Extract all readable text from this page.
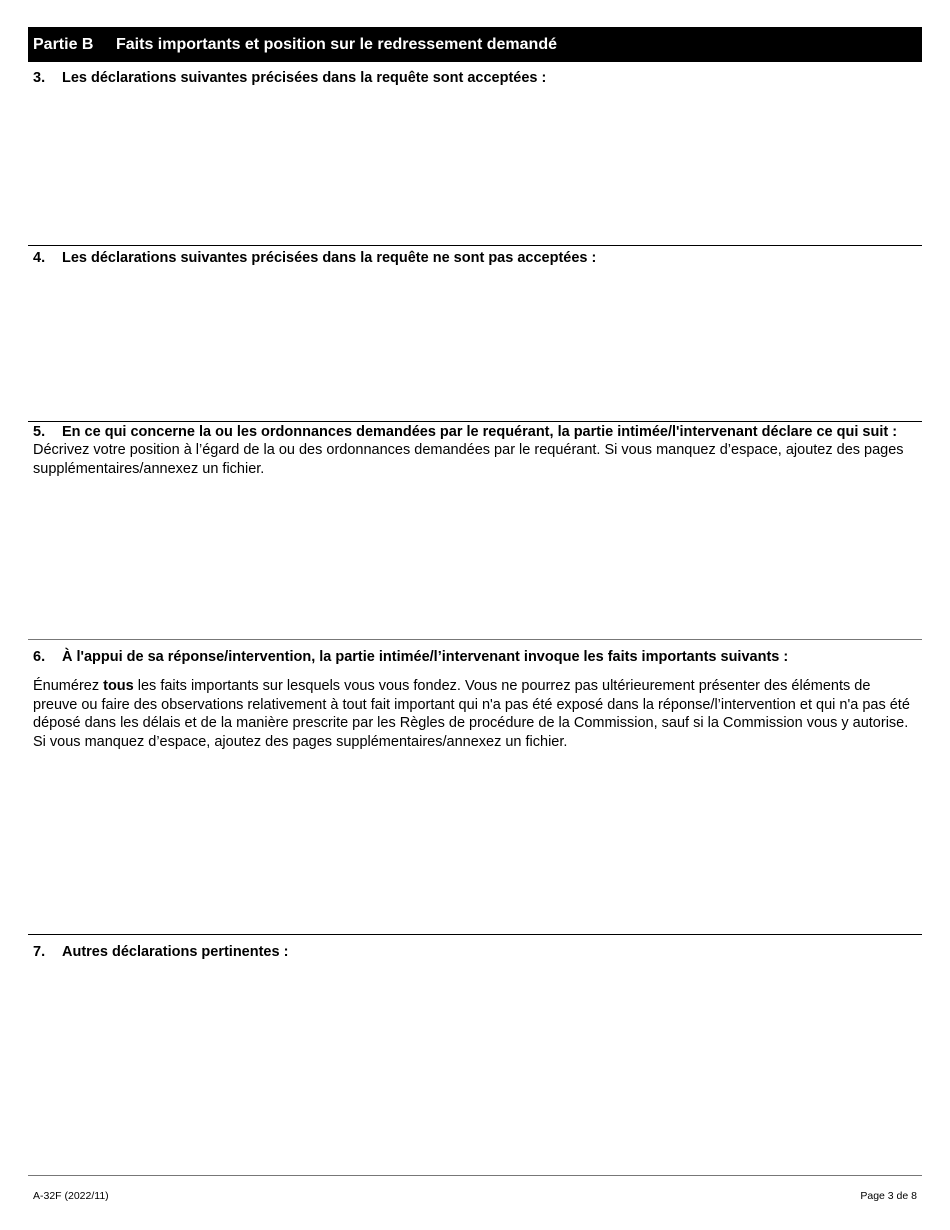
Partie B Faits importants et position sur le redressement demandé
3. Les déclarations suivantes précisées dans la requête sont acceptées :
4. Les déclarations suivantes précisées dans la requête ne sont pas acceptées :
5. En ce qui concerne la ou les ordonnances demandées par le requérant, la partie intimée/l'intervenant déclare ce qui suit :
Décrivez votre position à l’égard de la ou des ordonnances demandées par le requérant. Si vous manquez d’espace, ajoutez des pages supplémentaires/annexez un fichier.
6. À l'appui de sa réponse/intervention, la partie intimée/l’intervenant invoque les faits importants suivants :
Énumérez tous les faits importants sur lesquels vous vous fondez. Vous ne pourrez pas ultérieurement présenter des éléments de preuve ou faire des observations relativement à tout fait important qui n'a pas été exposé dans la réponse/l’intervention et qui n'a pas été déposé dans les délais et de la manière prescrite par les Règles de procédure de la Commission, sauf si la Commission vous y autorise. Si vous manquez d’espace, ajoutez des pages supplémentaires/annexez un fichier.
7. Autres déclarations pertinentes :
A-32F (2022/11)	Page 3 de 8
